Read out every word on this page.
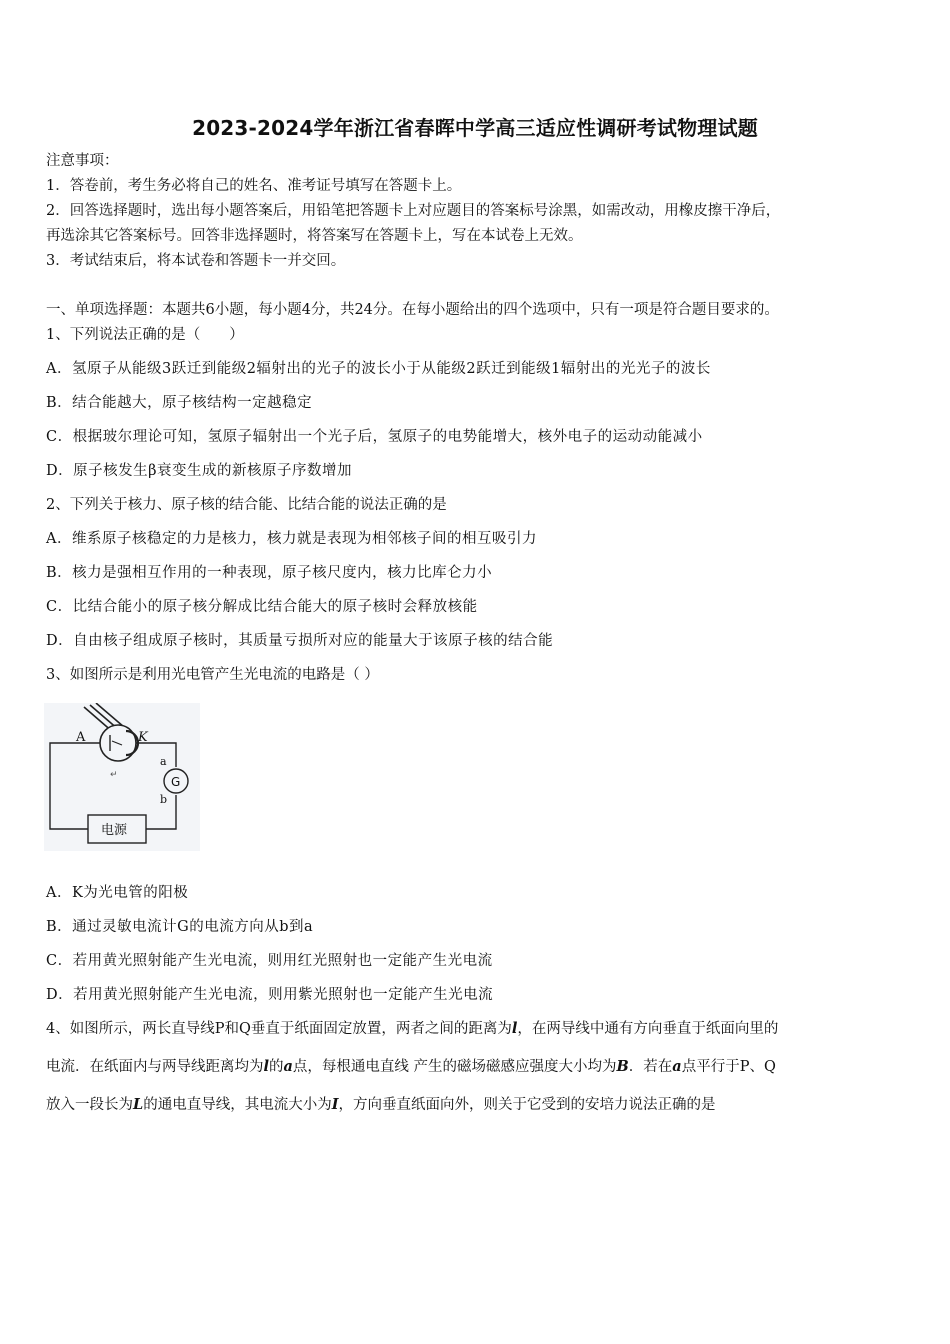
2023-2024学年浙江省春晖中学高三适应性调研考试物理试题
注意事项：
1．答卷前，考生务必将自己的姓名、准考证号填写在答题卡上。
2．回答选择题时，选出每小题答案后，用铅笔把答题卡上对应题目的答案标号涂黑，如需改动，用橡皮擦干净后，
再选涂其它答案标号。回答非选择题时，将答案写在答题卡上，写在本试卷上无效。
3．考试结束后，将本试卷和答题卡一并交回。
一、单项选择题：本题共6小题，每小题4分，共24分。在每小题给出的四个选项中，只有一项是符合题目要求的。
1、下列说法正确的是（　　）
A．氢原子从能级3跃迁到能级2辐射出的光子的波长小于从能级2跃迁到能级1辐射出的光光子的波长
B．结合能越大，原子核结构一定越稳定
C．根据玻尔理论可知，氢原子辐射出一个光子后，氢原子的电势能增大，核外电子的运动动能减小
D．原子核发生β衰变生成的新核原子序数增加
2、下列关于核力、原子核的结合能、比结合能的说法正确的是
A．维系原子核稳定的力是核力，核力就是表现为相邻核子间的相互吸引力
B．核力是强相互作用的一种表现，原子核尺度内，核力比库仑力小
C．比结合能小的原子核分解成比结合能大的原子核时会释放核能
D．自由核子组成原子核时，其质量亏损所对应的能量大于该原子核的结合能
3、如图所示是利用光电管产生光电流的电路是（ ）
A	K
G
a
b
电源
↵
A．K为光电管的阳极
B．通过灵敏电流计G的电流方向从b到a
C．若用黄光照射能产生光电流，则用红光照射也一定能产生光电流
D．若用黄光照射能产生光电流，则用紫光照射也一定能产生光电流
4、如图所示，两长直导线P和Q垂直于纸面固定放置，两者之间的距离为l，在两导线中通有方向垂直于纸面向里的
电流．在纸面内与两导线距离均为l的a点，每根通电直线 产生的磁场磁感应强度大小均为B．若在a点平行于P、Q
放入一段长为L的通电直导线，其电流大小为I，方向垂直纸面向外，则关于它受到的安培力说法正确的是
